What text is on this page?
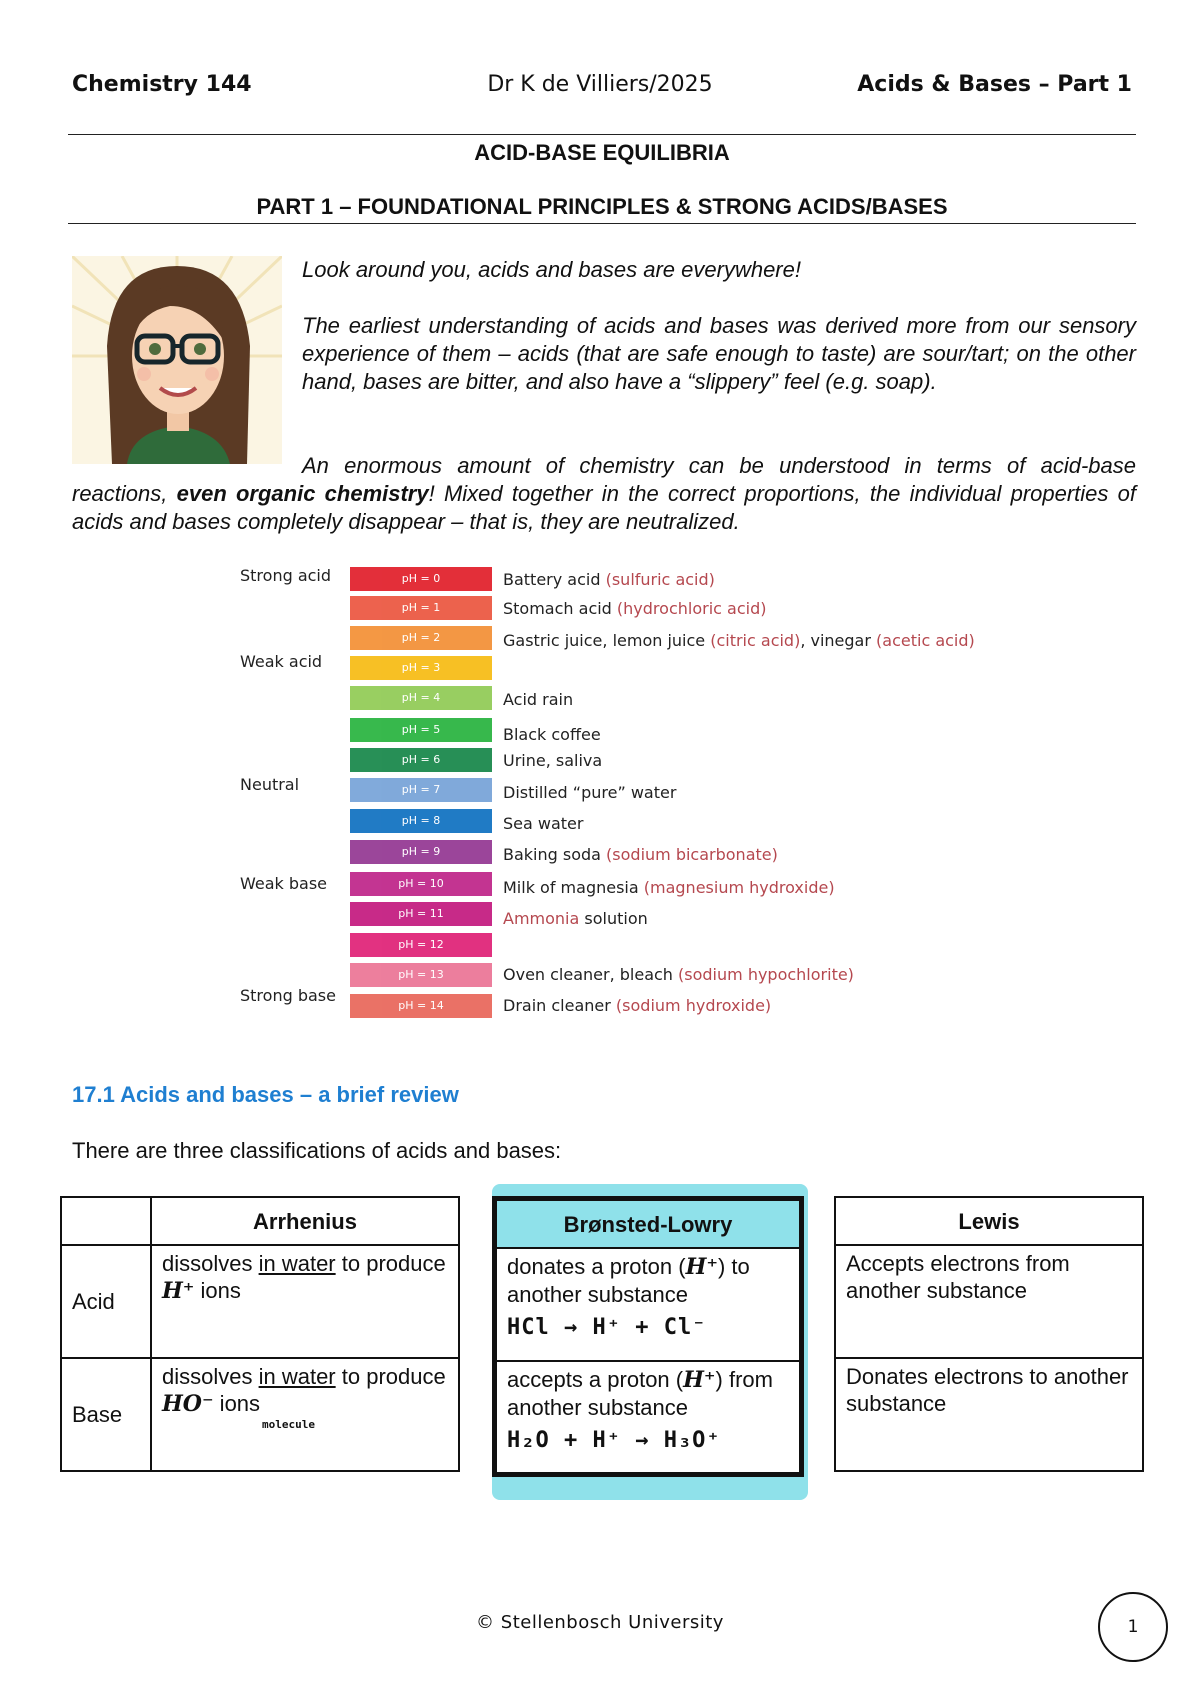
Chemistry 144	Dr K de Villiers/2025	Acids & Bases – Part 1
ACID-BASE EQUILIBRIA
PART 1 – FOUNDATIONAL PRINCIPLES & STRONG ACIDS/BASES
Look around you, acids and bases are everywhere!
The earliest understanding of acids and bases was derived more from our sensory experience of them – acids (that are safe enough to taste) are sour/tart; on the other hand, bases are bitter, and also have a “slippery” feel (e.g. soap).
An enormous amount of chemistry can be understood in terms of acid-base reactions, even organic chemistry! Mixed together in the correct proportions, the individual properties of acids and bases completely disappear – that is, they are neutralized.
Strong acid
Weak acid
Neutral
Weak base
Strong base
pH = 0
pH = 1
pH = 2
pH = 3
pH = 4
pH = 5
pH = 6
pH = 7
pH = 8
pH = 9
pH = 10
pH = 11
pH = 12
pH = 13
pH = 14
Battery acid (sulfuric acid)
Stomach acid (hydrochloric acid)
Gastric juice, lemon juice (citric acid), vinegar (acetic acid)
Acid rain
Black coffee
Urine, saliva
Distilled “pure” water
Sea water
Baking soda (sodium bicarbonate)
Milk of magnesia (magnesium hydroxide)
Ammonia solution
Oven cleaner, bleach (sodium hypochlorite)
Drain cleaner (sodium hydroxide)
17.1 Acids and bases – a brief review
There are three classifications of acids and bases:
	Arrhenius
Acid	dissolves in water to produce H⁺ ions
Base	dissolves in water to produce HO⁻ ions
molecule
Brønsted-Lowry
donates a proton (H⁺) to another substance
HCl → H⁺ + Cl⁻

accepts a proton (H⁺) from another substance
H₂O + H⁺ → H₃O⁺
Lewis
Accepts electrons from another substance
Donates electrons to another substance
© Stellenbosch University	1
